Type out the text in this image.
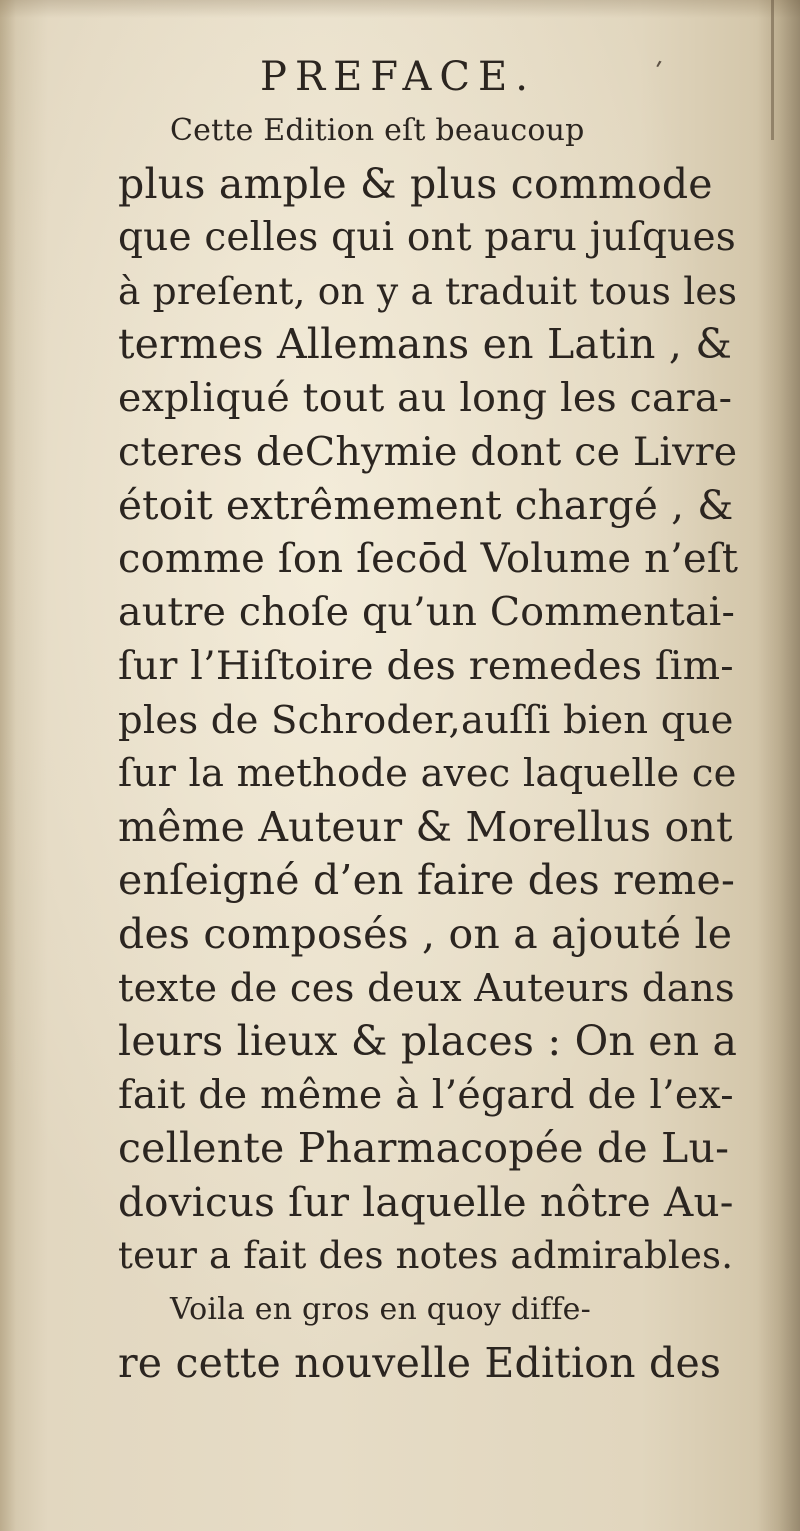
ʹ
PREFACE.
Cette Edition eſt beaucoup
plus ample & plus commode
que celles qui ont paru juſques
à preſent, on y a traduit tous les
termes Allemans en Latin , &
expliqué tout au long les cara-
cteres deChymie dont ce Livre
étoit extrêmement chargé , &
comme ſon ſecōd Volume n’eſt
autre choſe qu’un Commentai-
ſur l’Hiſtoire des remedes ſim-
ples de Schroder,auſſi bien que
ſur la methode avec laquelle ce
même Auteur & Morellus ont
enſeigné d’en faire des reme-
des composés , on a ajouté le
texte de ces deux Auteurs dans
leurs lieux & places : On en a
fait de même à l’égard de l’ex-
cellente Pharmacopée de Lu-
dovicus ſur laquelle nôtre Au-
teur a fait des notes admirables.
Voila en gros en quoy diffe-
re cette nouvelle Edition des
